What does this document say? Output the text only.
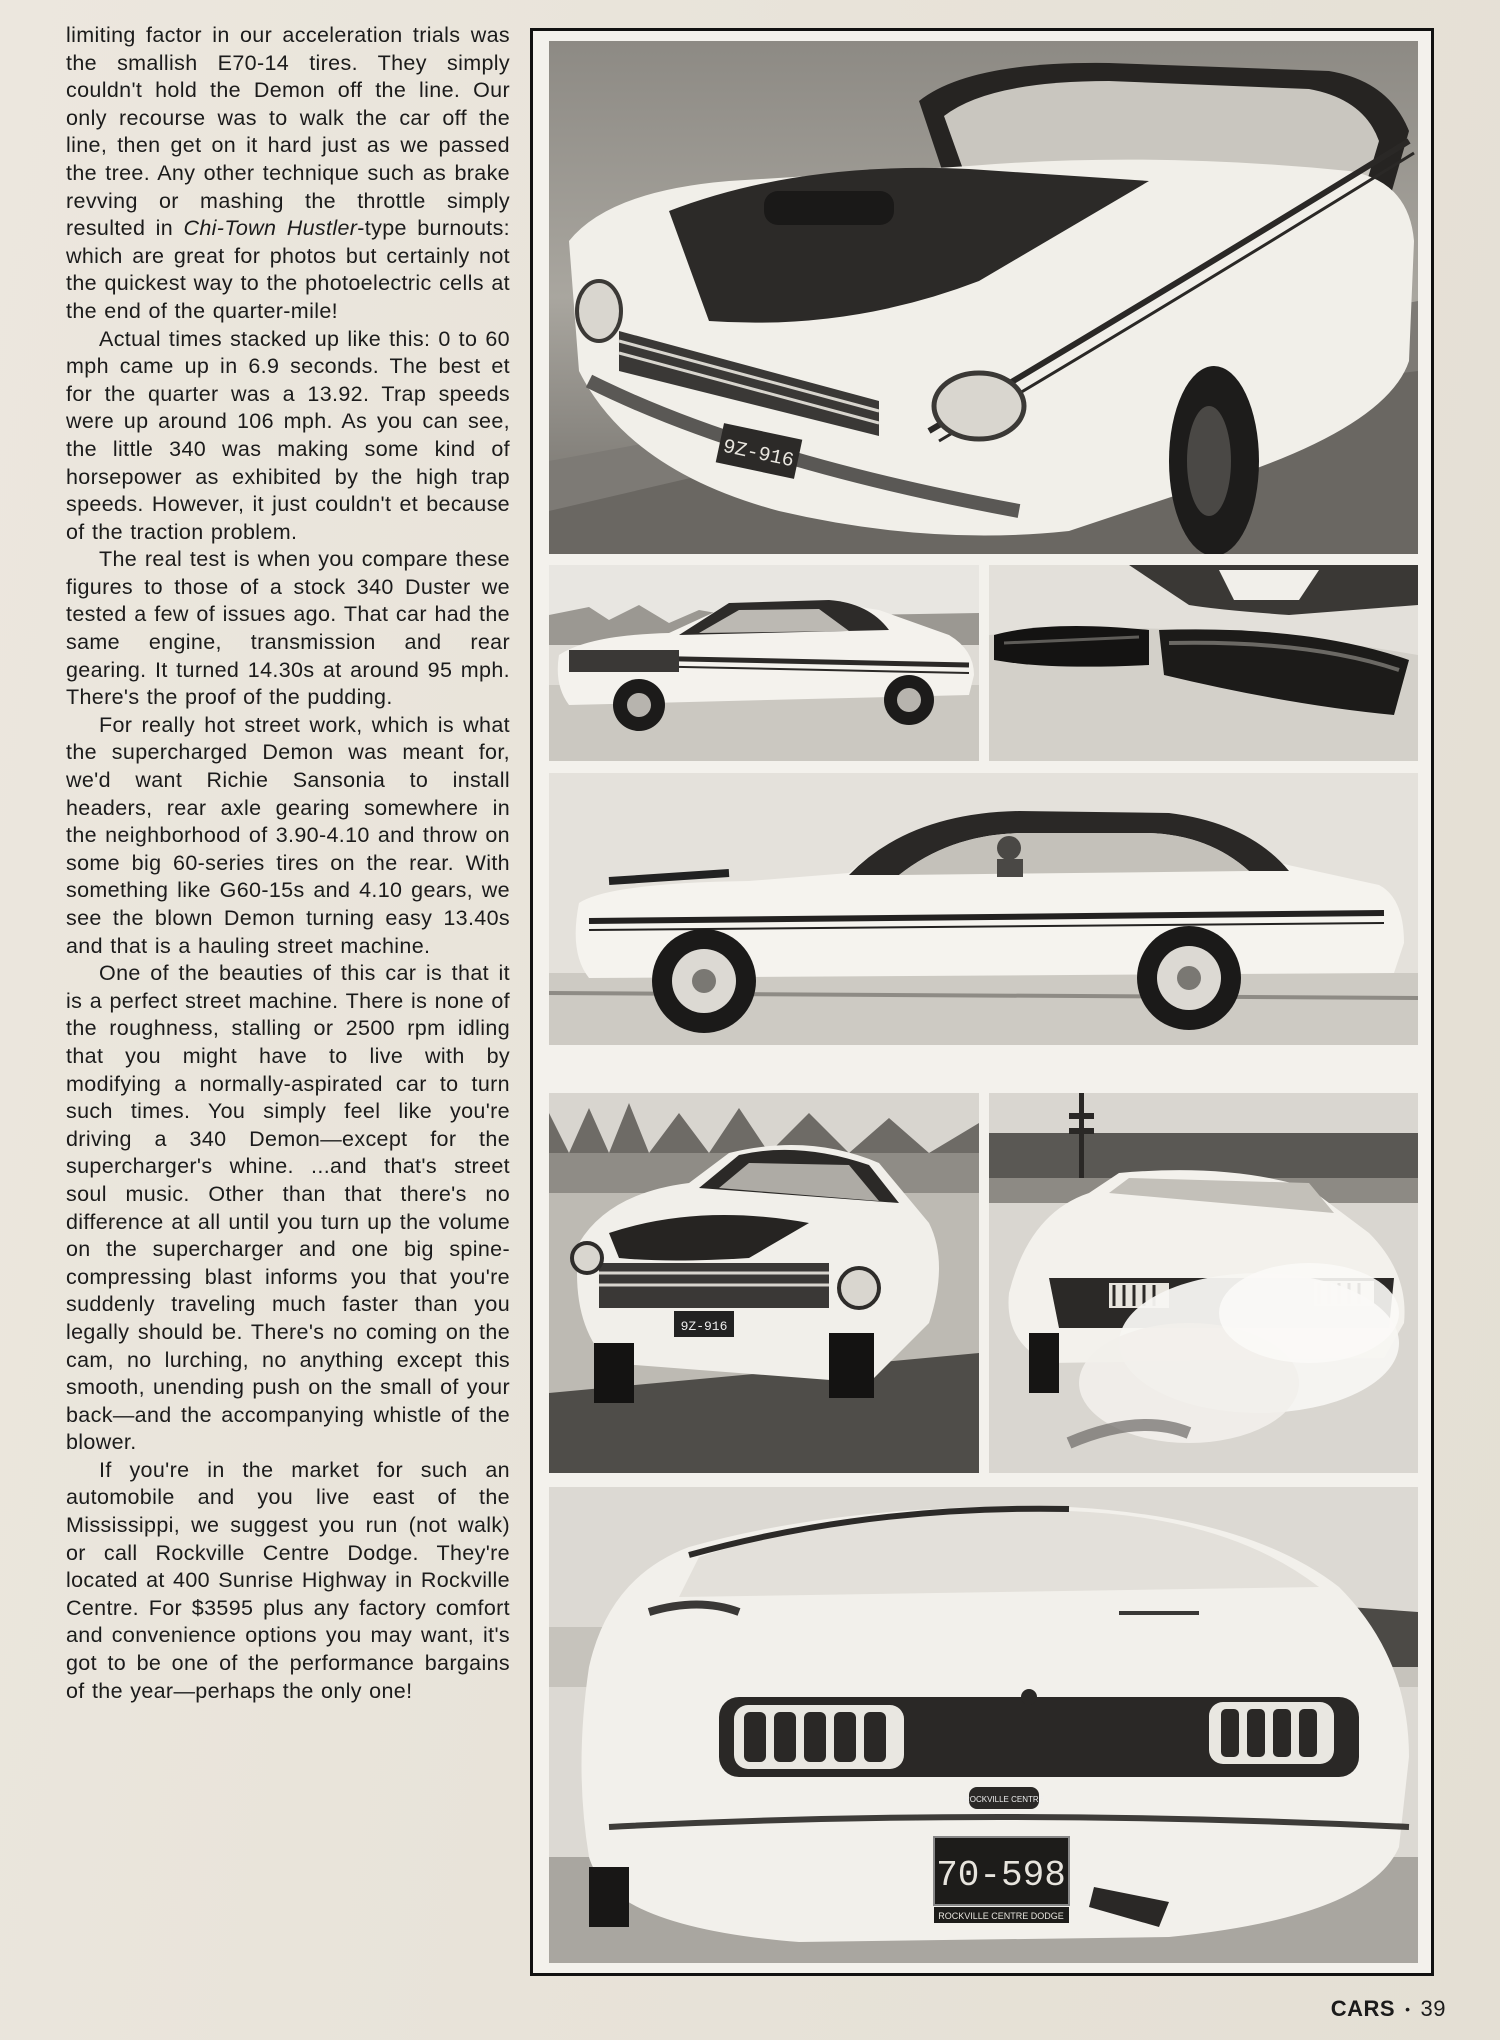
limiting factor in our acceleration trials was the smallish E70-14 tires. They simply couldn't hold the Demon off the line. Our only recourse was to walk the car off the line, then get on it hard just as we passed the tree. Any other technique such as brake revving or mashing the throttle simply resulted in Chi-Town Hustler-type burnouts: which are great for photos but certainly not the quickest way to the photoelectric cells at the end of the quarter-mile!

Actual times stacked up like this: 0 to 60 mph came up in 6.9 seconds. The best et for the quarter was a 13.92. Trap speeds were up around 106 mph. As you can see, the little 340 was making some kind of horsepower as exhibited by the high trap speeds. However, it just couldn't et because of the traction problem.

The real test is when you compare these figures to those of a stock 340 Duster we tested a few of issues ago. That car had the same engine, transmission and rear gearing. It turned 14.30s at around 95 mph. There's the proof of the pudding.

For really hot street work, which is what the supercharged Demon was meant for, we'd want Richie Sansonia to install headers, rear axle gearing somewhere in the neighborhood of 3.90-4.10 and throw on some big 60-series tires on the rear. With something like G60-15s and 4.10 gears, we see the blown Demon turning easy 13.40s and that is a hauling street machine.

One of the beauties of this car is that it is a perfect street machine. There is none of the roughness, stalling or 2500 rpm idling that you might have to live with by modifying a normally-aspirated car to turn such times. You simply feel like you're driving a 340 Demon—except for the supercharger's whine. ...and that's street soul music. Other than that there's no difference at all until you turn up the volume on the supercharger and one big spine-compressing blast informs you that you're suddenly traveling much faster than you legally should be. There's no coming on the cam, no lurching, no anything except this smooth, unending push on the small of your back—and the accompanying whistle of the blower.

If you're in the market for such an automobile and you live east of the Mississippi, we suggest you run (not walk) or call Rockville Centre Dodge. They're located at 400 Sunrise Highway in Rockville Centre. For $3595 plus any factory comfort and convenience options you may want, it's got to be one of the performance bargains of the year—perhaps the only one!

9Z-916
9Z-916
ROCKVILLE CENTRE
70-598
ROCKVILLE CENTRE DODGE
CARS • 39
